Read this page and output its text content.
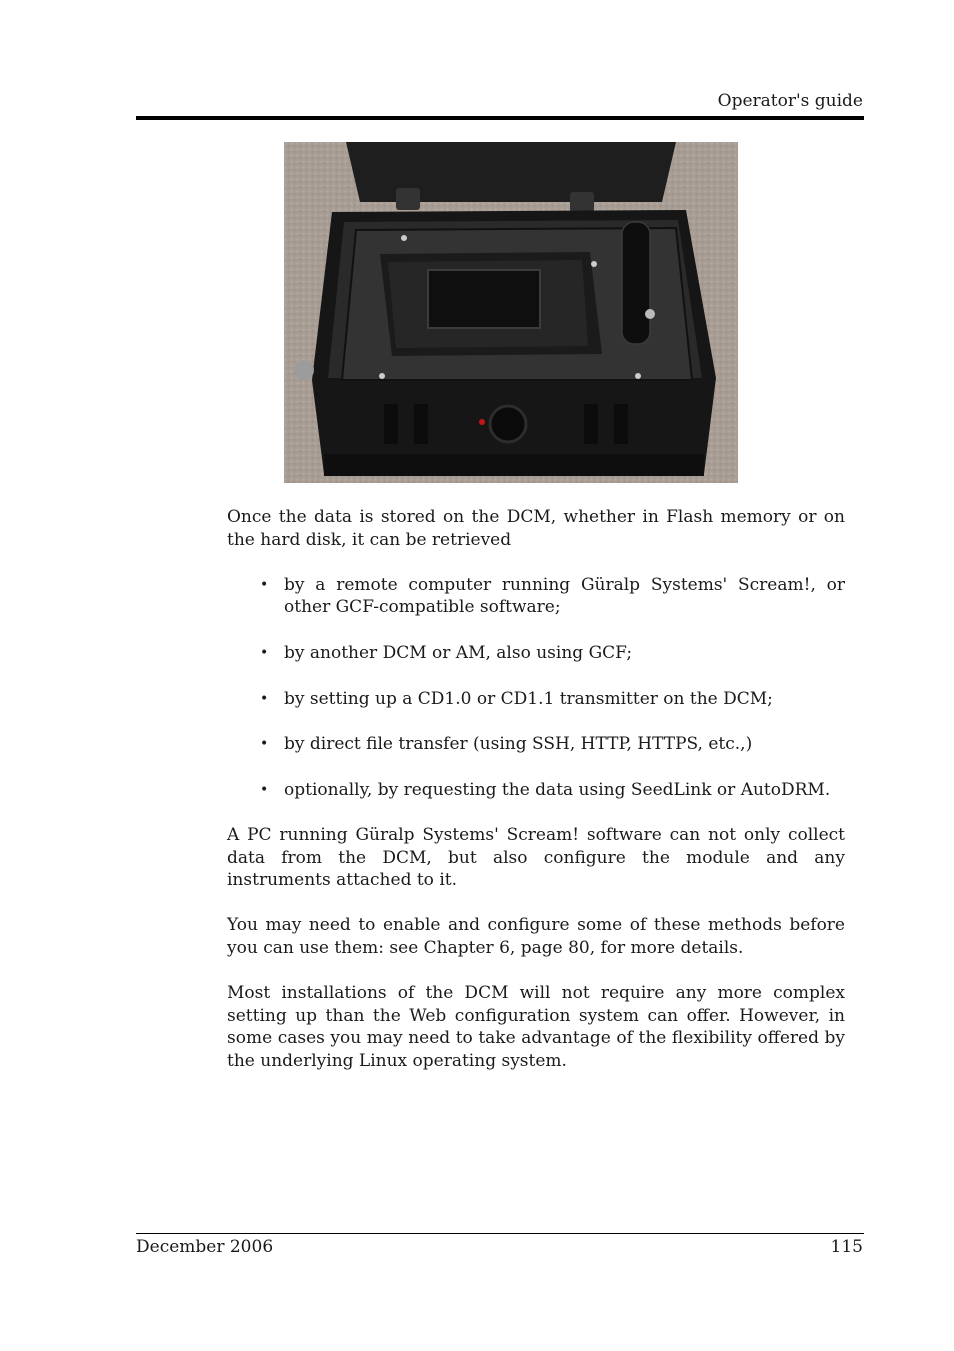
Operator's guide

Once the data is stored on the DCM, whether in Flash memory or on the hard disk, it can be retrieved

• by a remote computer running Güralp Systems' Scream!, or other GCF-compatible software;
• by another DCM or AM, also using GCF;
• by setting up a CD1.0 or CD1.1 transmitter on the DCM;
• by direct file transfer (using SSH, HTTP, HTTPS, etc.,)
• optionally, by requesting the data using SeedLink or AutoDRM.

A PC running Güralp Systems' Scream! software can not only collect data from the DCM, but also configure the module and any instruments attached to it.

You may need to enable and configure some of these methods before you can use them: see Chapter 6, page 80, for more details.

Most installations of the DCM will not require any more complex setting up than the Web configuration system can offer. However, in some cases you may need to take advantage of the flexibility offered by the underlying Linux operating system.

December 2006	115
